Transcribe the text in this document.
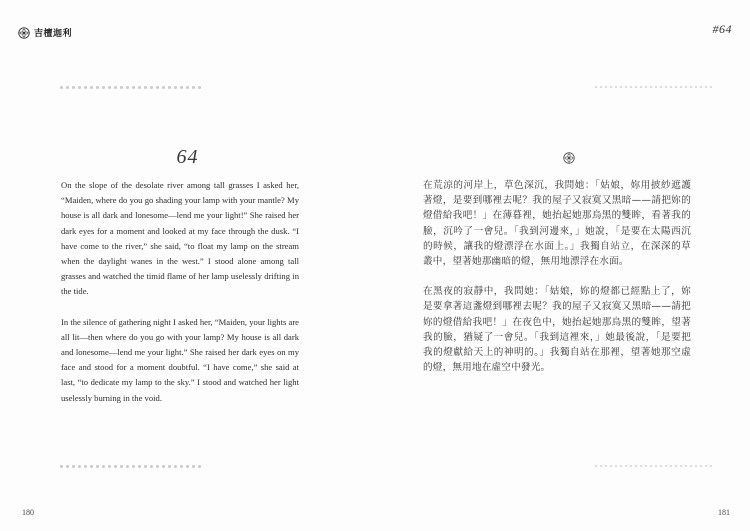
吉檀迦利
64

On the slope of the desolate river among tall grasses I asked her, “Maiden, where do you go shading your lamp with your mantle? My house is all dark and lonesome—lend me your light!” She raised her dark eyes for a moment and looked at my face through the dusk. “I have come to the river,” she said, “to float my lamp on the stream when the daylight wanes in the west.” I stood alone among tall grasses and watched the timid flame of her lamp uselessly drifting in the tide.

In the silence of gathering night I asked her, “Maiden, your lights are all lit—then where do you go with your lamp? My house is all dark and lonesome—lend me your light.” She raised her dark eyes on my face and stood for a moment doubtful. “I have come,” she said at last, “to dedicate my lamp to the sky.” I stood and watched her light uselessly burning in the void.

180
#64
181

在荒涼的河岸上，草色深沉，我問她：「姑娘，妳用披紗遮護著燈，是要到哪裡去呢？我的屋子又寂寞又黑暗——請把妳的燈借給我吧！」在薄暮裡，她抬起她那烏黑的雙眸，看著我的臉，沉吟了一會兒。「我到河邊來，」她說，「是要在太陽西沉的時候，讓我的燈漂浮在水面上。」我獨自站立，在深深的草叢中，望著她那幽暗的燈，無用地漂浮在水面。

在黑夜的寂靜中，我問她：「姑娘，妳的燈都已經點上了，妳是要拿著這盞燈到哪裡去呢？我的屋子又寂寞又黑暗——請把妳的燈借給我吧！」在夜色中，她抬起她那烏黑的雙眸，望著我的臉，猶疑了一會兒。「我到這裡來，」她最後說，「是要把我的燈獻給天上的神明的。」我獨自站在那裡，望著她那空虛的燈，無用地在虛空中發光。
